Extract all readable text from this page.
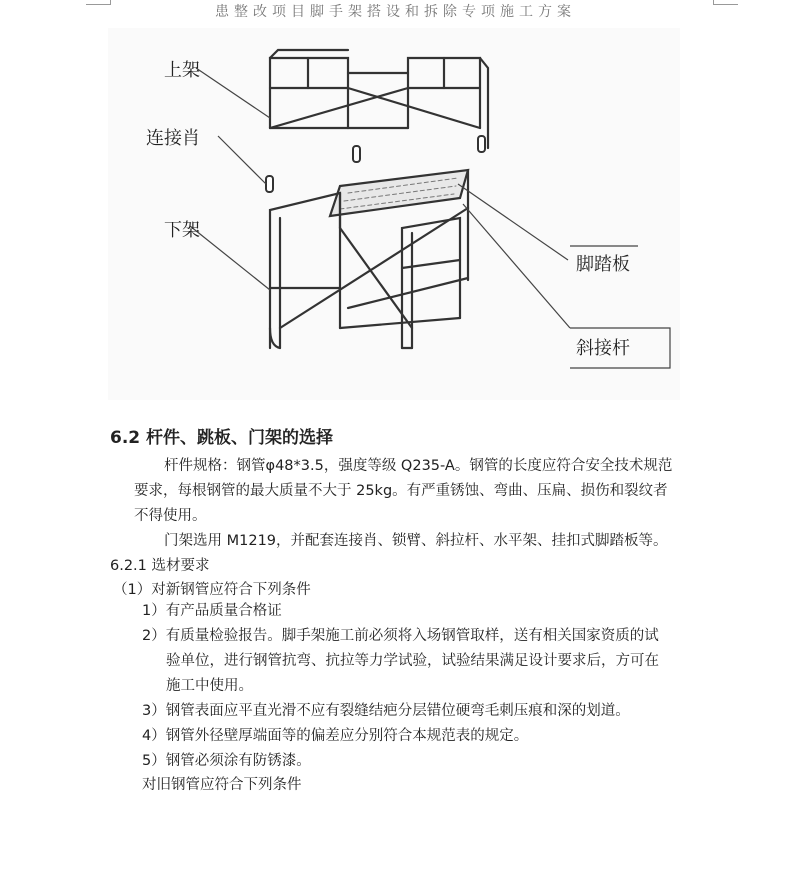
患整改项目脚手架搭设和拆除专项施工方案
上架
连接肖
下架
脚踏板
斜接杆
6.2 杆件、跳板、门架的选择
杆件规格：钢管φ48*3.5，强度等级 Q235-A。钢管的长度应符合安全技术规范
要求，每根钢管的最大质量不大于 25kg。有严重锈蚀、弯曲、压扁、损伤和裂纹者
不得使用。
门架选用 M1219，并配套连接肖、锁臂、斜拉杆、水平架、挂扣式脚踏板等。
6.2.1 选材要求
（1）对新钢管应符合下列条件
1）有产品质量合格证
2）有质量检验报告。脚手架施工前必须将入场钢管取样，送有相关国家资质的试
验单位，进行钢管抗弯、抗拉等力学试验，试验结果满足设计要求后，方可在
施工中使用。
3）钢管表面应平直光滑不应有裂缝结疤分层错位硬弯毛刺压痕和深的划道。
4）钢管外径壁厚端面等的偏差应分别符合本规范表的规定。
5）钢管必须涂有防锈漆。
对旧钢管应符合下列条件
